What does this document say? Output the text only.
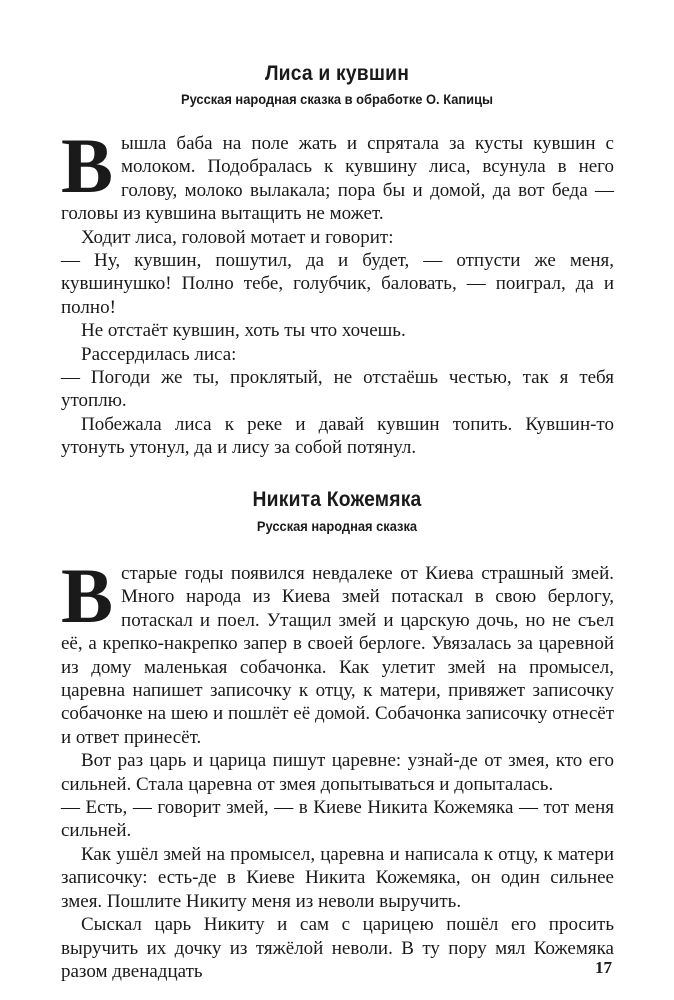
Лиса и кувшин
Русская народная сказка в обработке О. Капицы

Вышла баба на поле жать и спрятала за кусты кувшин с молоком. Подобралась к кувшину лиса, всунула в него голову, молоко вылакала; пора бы и домой, да вот беда — головы из кувшина вытащить не может.

Ходит лиса, головой мотает и говорит:

— Ну, кувшин, пошутил, да и будет, — отпусти же меня, кувшинушко! Полно тебе, голубчик, баловать, — поиграл, да и полно!

Не отстаёт кувшин, хоть ты что хочешь.

Рассердилась лиса:

— Погоди же ты, проклятый, не отстаёшь честью, так я тебя утоплю.

Побежала лиса к реке и давай кувшин топить. Кувшин-то утонуть утонул, да и лису за собой потянул.

Никита Кожемяка
Русская народная сказка

Встарые годы появился невдалеке от Киева страшный змей. Много народа из Киева змей потаскал в свою берлогу, потаскал и поел. Утащил змей и царскую дочь, но не съел её, а крепко-накрепко запер в своей берлоге. Увязалась за царевной из дому маленькая собачонка. Как улетит змей на промысел, царевна напишет записочку к отцу, к матери, привяжет записочку собачонке на шею и пошлёт её домой. Собачонка записочку отнесёт и ответ принесёт.

Вот раз царь и царица пишут царевне: узнай-де от змея, кто его сильней. Стала царевна от змея допытываться и допыталась.

— Есть, — говорит змей, — в Киеве Никита Кожемяка — тот меня сильней.

Как ушёл змей на промысел, царевна и написала к отцу, к матери записочку: есть-де в Киеве Никита Кожемяка, он один сильнее змея. Пошлите Никиту меня из неволи выручить.

Сыскал царь Никиту и сам с царицею пошёл его просить выручить их дочку из тяжёлой неволи. В ту пору мял Кожемяка разом двенадцать	17
